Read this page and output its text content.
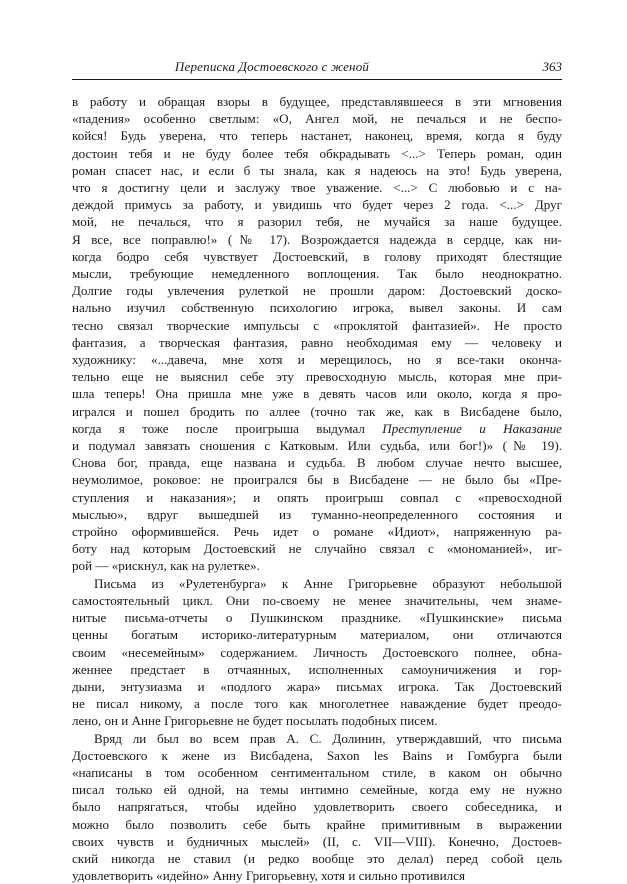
Переписка Достоевского с женой	363
в работу и обращая взоры в будущее, представлявшееся в эти мгновения
«падения» особенно светлым: «О, Ангел мой, не печалься и не беспо-
койся! Будь уверена, что теперь настанет, наконец, время, когда я буду
достоин тебя и не буду более тебя обкрадывать <...> Теперь роман, один
роман спасет нас, и если б ты знала, как я надеюсь на это! Будь уверена,
что я достигну цели и заслужу твое уважение. <...> С любовью и с на-
деждой примусь за работу, и увидишь что будет через 2 года. <...> Друг
мой, не печалься, что я разорил тебя, не мучайся за наше будущее.
Я все, все поправлю!» (№ 17). Возрождается надежда в сердце, как ни-
когда бодро себя чувствует Достоевский, в голову приходят блестящие
мысли, требующие немедленного воплощения. Так было неоднократно.
Долгие годы увлечения рулеткой не прошли даром: Достоевский доско-
нально изучил собственную психологию игрока, вывел законы. И сам
тесно связал творческие импульсы с «проклятой фантазией». Не просто
фантазия, а творческая фантазия, равно необходимая ему — человеку и
художнику: «...давеча, мне хотя и мерещилось, но я все-таки оконча-
тельно еще не выяснил себе эту превосходную мысль, которая мне при-
шла теперь! Она пришла мне уже в девять часов или около, когда я про-
игрался и пошел бродить по аллее (точно так же, как в Висбадене было,
когда я тоже после проигрыша выдумал Преступление и Наказание
и подумал завязать сношения с Катковым. Или судьба, или бог!)» (№ 19).
Снова бог, правда, еще названа и судьба. В любом случае нечто высшее,
неумолимое, роковое: не проигрался бы в Висбадене — не было бы «Пре-
ступления и наказания»; и опять проигрыш совпал с «превосходной
мыслью», вдруг вышедшей из туманно-неопределенного состояния и
стройно оформившейся. Речь идет о романе «Идиот», напряженную ра-
боту над которым Достоевский не случайно связал с «мономанией», иг-
рой — «рискнул, как на рулетке».
Письма из «Рулетенбурга» к Анне Григорьевне образуют небольшой
самостоятельный цикл. Они по-своему не менее значительны, чем знаме-
нитые письма-отчеты о Пушкинском празднике. «Пушкинские» письма
ценны богатым историко-литературным материалом, они отличаются
своим «несемейным» содержанием. Личность Достоевского полнее, обна-
женнее предстает в отчаянных, исполненных самоуничижения и гор-
дыни, энтузиазма и «подлого жара» письмах игрока. Так Достоевский
не писал никому, а после того как многолетнее наваждение будет преодо-
лено, он и Анне Григорьевне не будет посылать подобных писем.
Вряд ли был во всем прав А. С. Долинин, утверждавший, что письма
Достоевского к жене из Висбадена, Saxon les Bains и Гомбурга были
«написаны в том особенном сентиментальном стиле, в каком он обычно
писал только ей одной, на темы интимно семейные, когда ему не нужно
было напрягаться, чтобы идейно удовлетворить своего собеседника, и
можно было позволить себе быть крайне примитивным в выражении
своих чувств и будничных мыслей» (II, с. VII—VIII). Конечно, Достоев-
ский никогда не ставил (и редко вообще это делал) перед собой цель
удовлетворить «идейно» Анну Григорьевну, хотя и сильно противился
